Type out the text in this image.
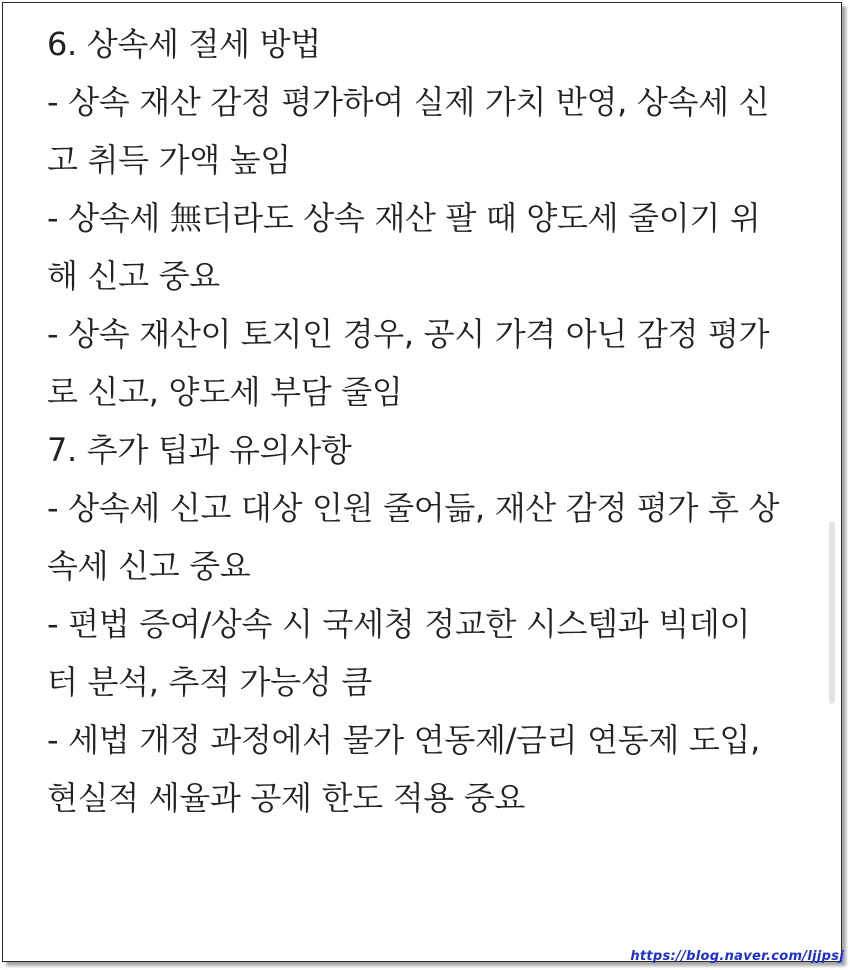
6. 상속세 절세 방법
- 상속 재산 감정 평가하여 실제 가치 반영, 상속세 신
고 취득 가액 높임
- 상속세 無더라도 상속 재산 팔 때 양도세 줄이기 위
해 신고 중요
- 상속 재산이 토지인 경우, 공시 가격 아닌 감정 평가
로 신고, 양도세 부담 줄임
7. 추가 팁과 유의사항
- 상속세 신고 대상 인원 줄어듦, 재산 감정 평가 후 상
속세 신고 중요
- 편법 증여/상속 시 국세청 정교한 시스템과 빅데이
터 분석, 추적 가능성 큼
- 세법 개정 과정에서 물가 연동제/금리 연동제 도입,
현실적 세율과 공제 한도 적용 중요
https://blog.naver.com/ljjpsj
